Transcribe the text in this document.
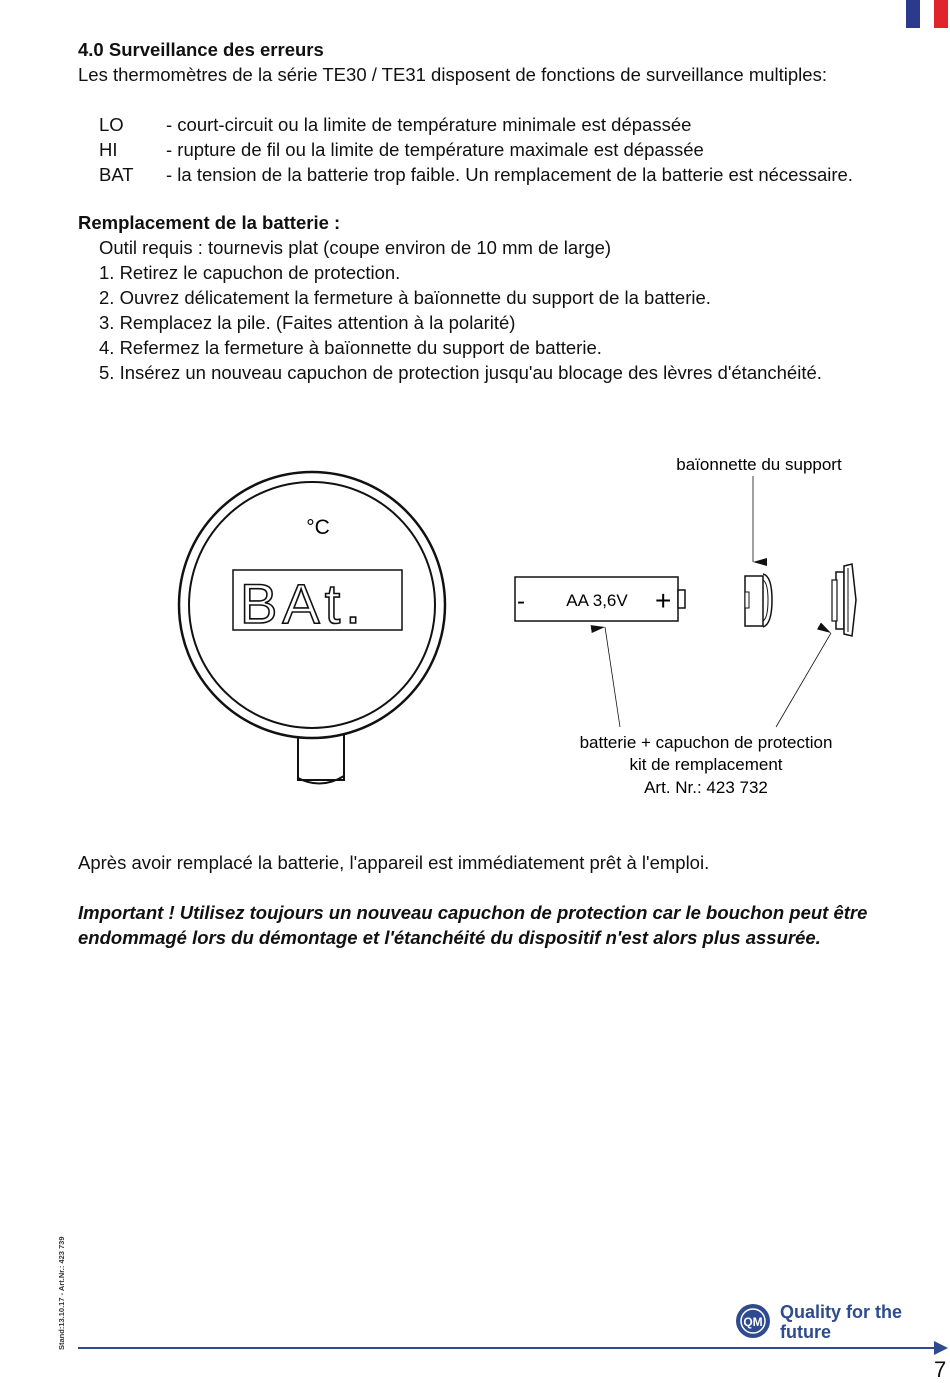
4.0 Surveillance des erreurs
Les thermomètres de la série TE30 / TE31 disposent de fonctions de surveillance multiples:
LO - court-circuit ou la limite de température minimale est dépassée
HI	- rupture de fil ou la limite de température maximale est dépassée
BAT - la tension de la batterie trop faible. Un remplacement de la batterie est nécessaire.
Remplacement de la batterie :
Outil requis : tournevis plat (coupe environ de 10 mm de large)
1. Retirez le capuchon de protection.
2. Ouvrez délicatement la fermeture à baïonnette du support de la batterie.
3. Remplacez la pile. (Faites attention à la polarité)
4. Refermez la fermeture à baïonnette du support de batterie.
5. Insérez un nouveau capuchon de protection jusqu'au blocage des lèvres d'étanchéité.
°C
BAt.	- AA 3,6V +
baïonnette du support
batterie + capuchon de protection
kit de remplacement
Art. Nr.: 423 732
Après avoir remplacé la batterie, l'appareil est immédiatement prêt à l'emploi.
Important ! Utilisez toujours un nouveau capuchon de protection car le bouchon peut être
endommagé lors du démontage et l'étanchéité du dispositif n'est alors plus assurée.
Stand:13.10.17 - Art.Nr.: 423 739	QM Quality for the
future
7
